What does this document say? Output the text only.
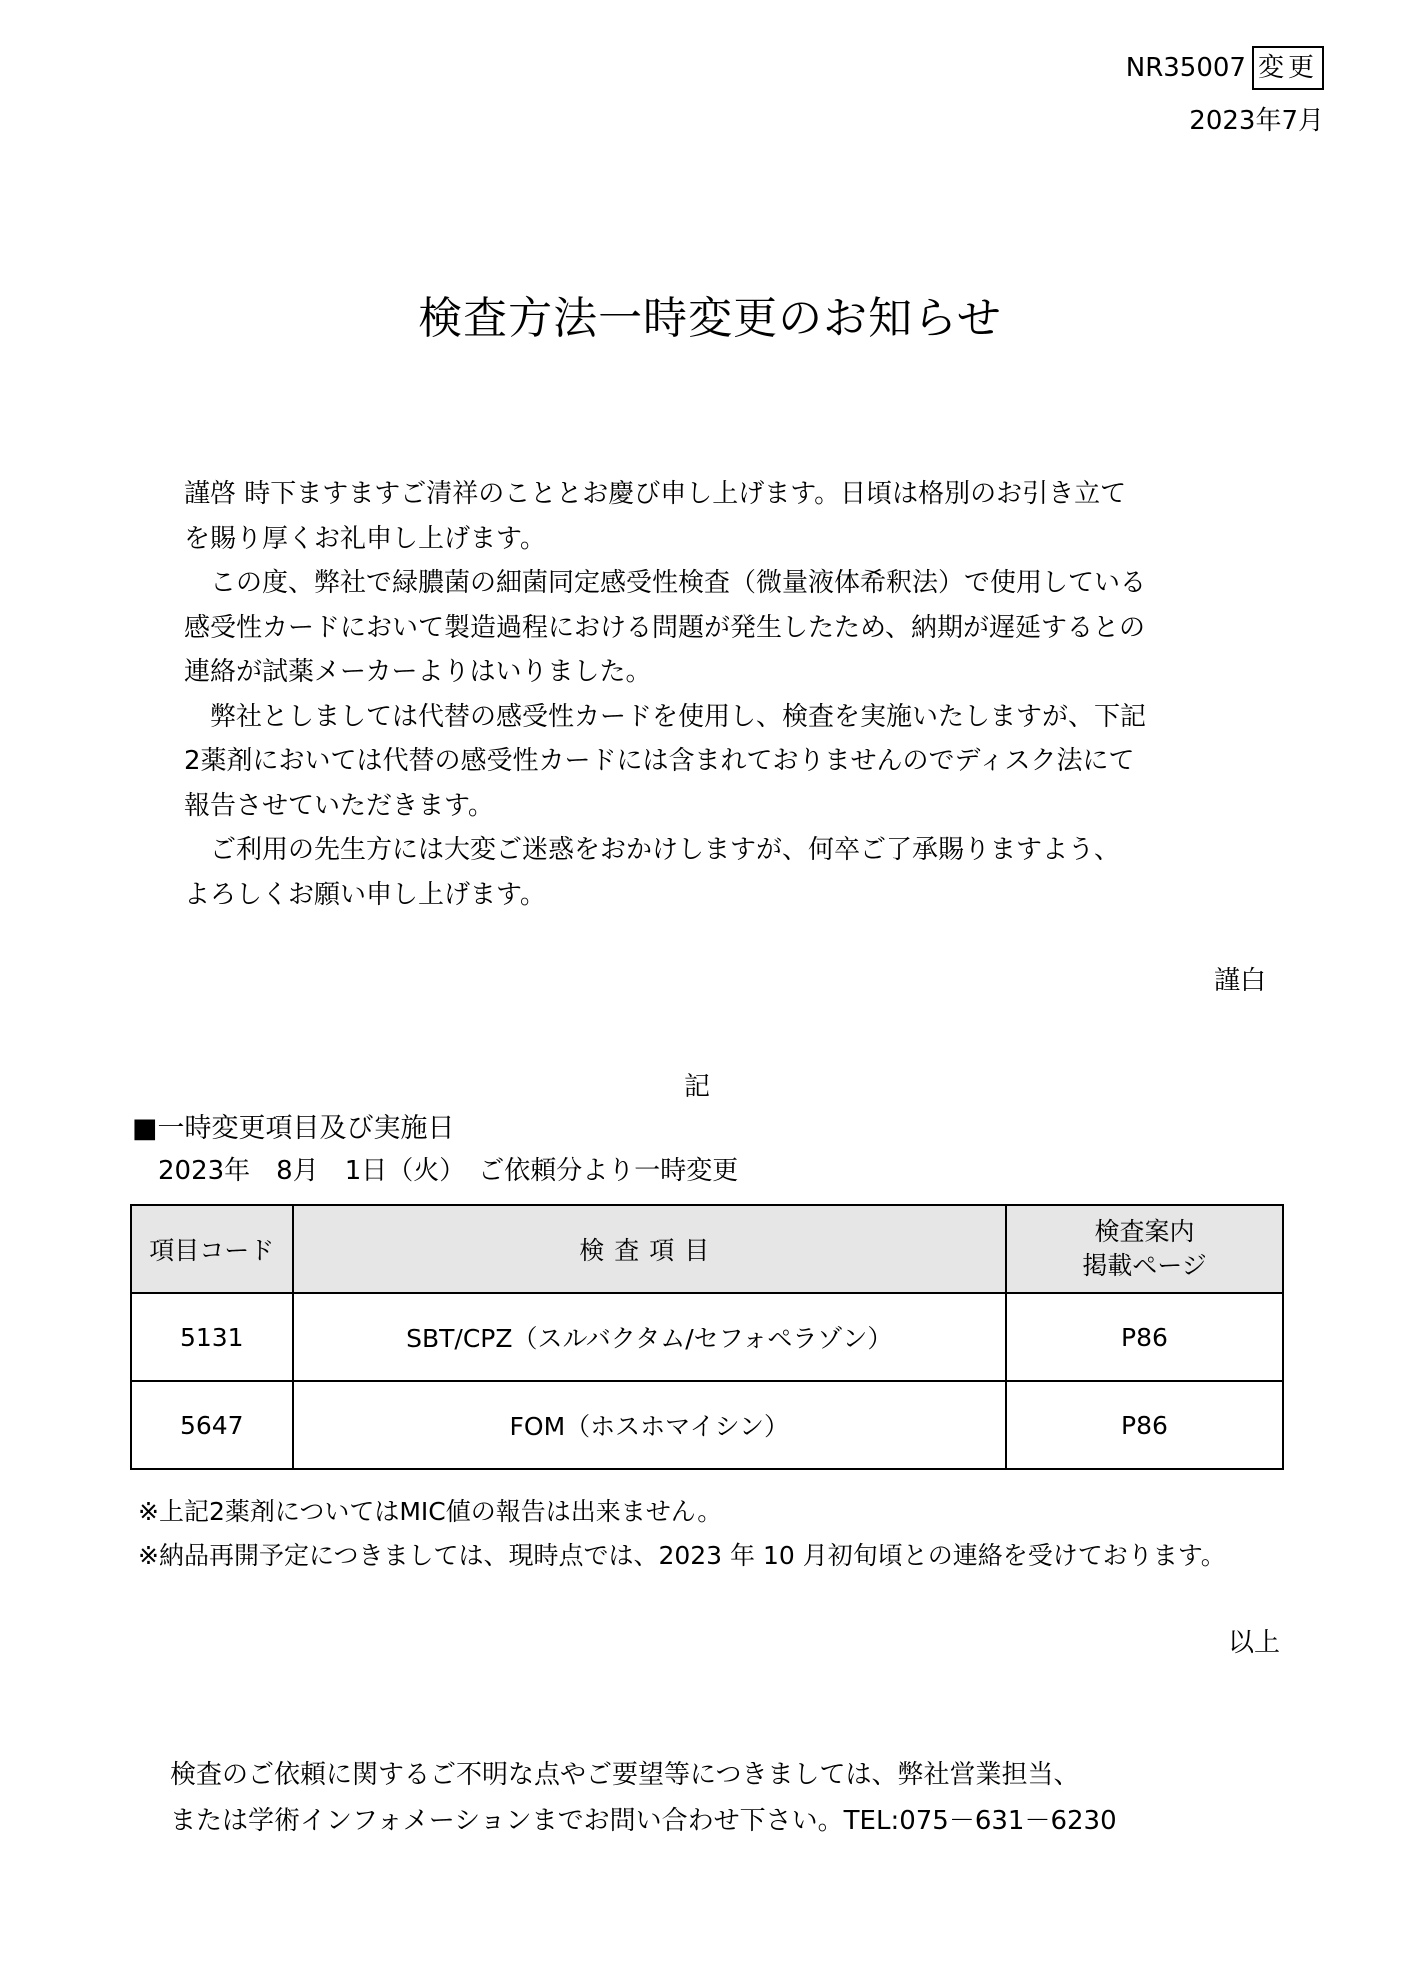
NR35007 変更
2023年7月
検査方法一時変更のお知らせ
謹啓 時下ますますご清祥のこととお慶び申し上げます。日頃は格別のお引き立て
を賜り厚くお礼申し上げます。
　この度、弊社で緑膿菌の細菌同定感受性検査（微量液体希釈法）で使用している
感受性カードにおいて製造過程における問題が発生したため、納期が遅延するとの
連絡が試薬メーカーよりはいりました。
　弊社としましては代替の感受性カードを使用し、検査を実施いたしますが、下記
2薬剤においては代替の感受性カードには含まれておりませんのでディスク法にて
報告させていただきます。
　ご利用の先生方には大変ご迷惑をおかけしますが、何卒ご了承賜りますよう、
よろしくお願い申し上げます。
謹白
記
■一時変更項目及び実施日
2023年　8月　1日（火）　ご依頼分より一時変更
項目コード	検査項目	検査案内
掲載ページ

5131	SBT/CPZ（スルバクタム/セフォペラゾン）	P86
5647	FOM（ホスホマイシン）	P86
※上記2薬剤についてはMIC値の報告は出来ません。
※納品再開予定につきましては、現時点では、2023 年 10 月初旬頃との連絡を受けております。
以上
検査のご依頼に関するご不明な点やご要望等につきましては、弊社営業担当、
または学術インフォメーションまでお問い合わせ下さい。TEL:075－631－6230
